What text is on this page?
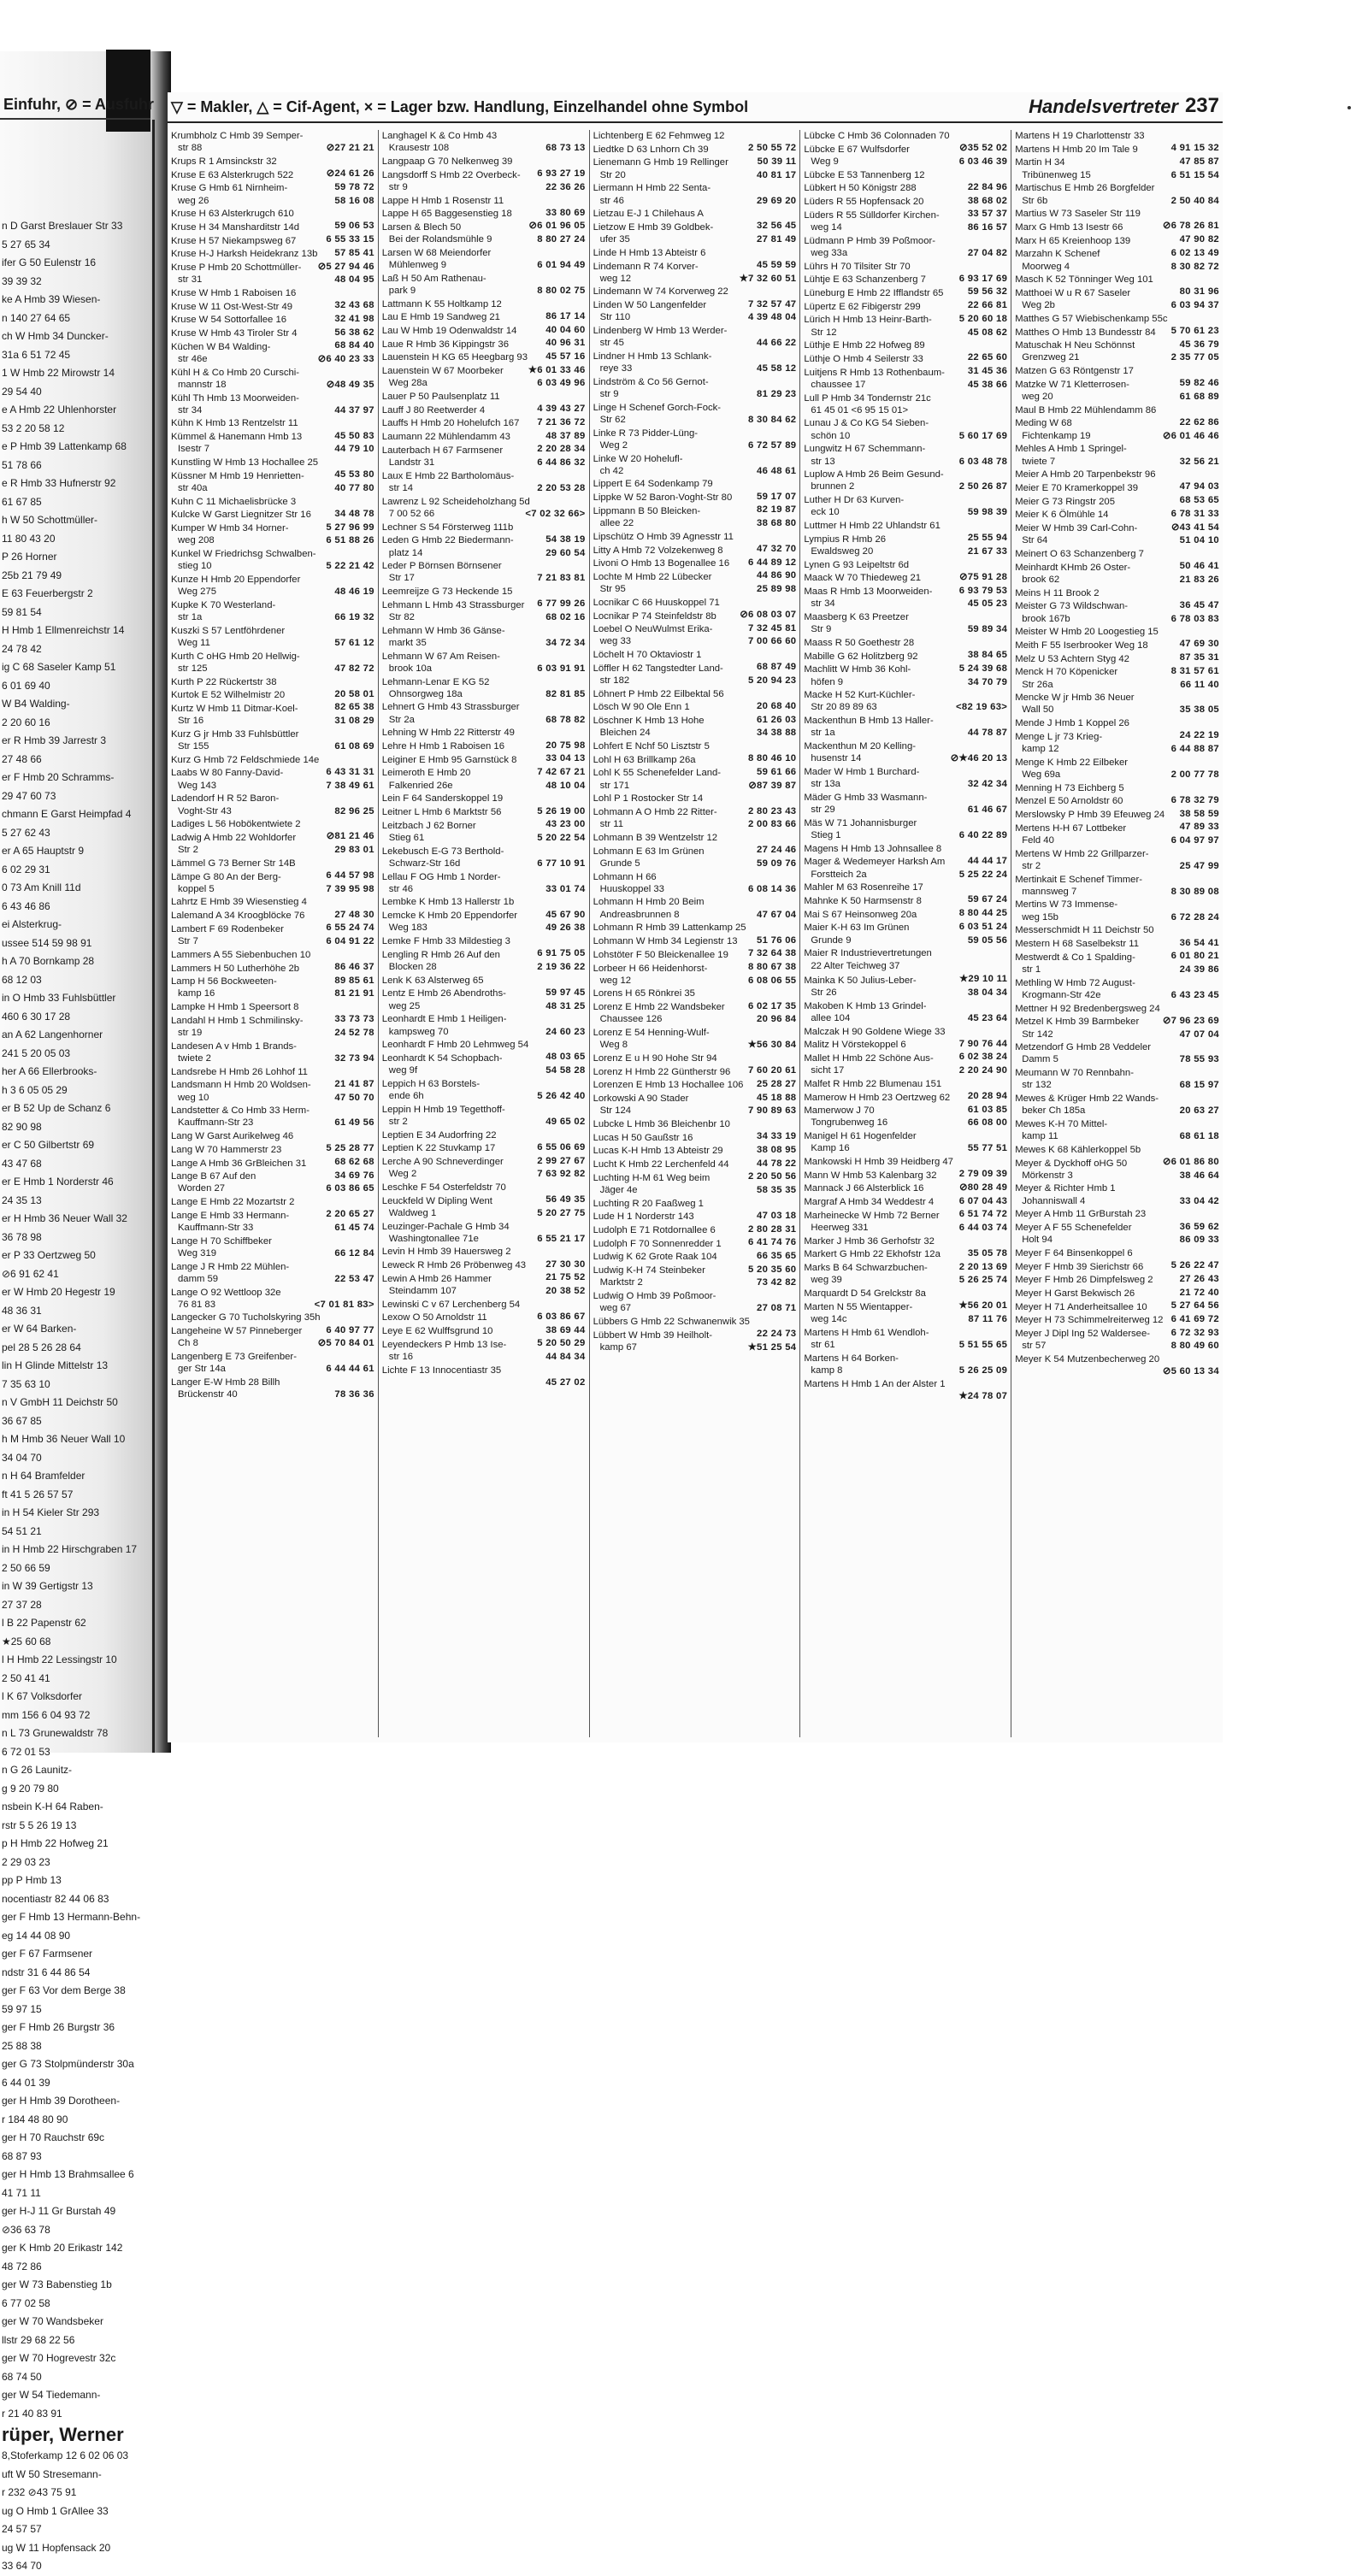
Einfuhr, ⊘ = Ausfuhr
n D Garst Breslauer Str 33
5 27 65 34
ifer G 50 Eulenstr 16
39 39 32
ke A Hmb 39 Wiesen-
n 140 27 64 65
ch W Hmb 34 Duncker-
31a 6 51 72 45
1 W Hmb 22 Mirowstr 14
29 54 40
e A Hmb 22 Uhlenhorster
53 2 20 58 12
e P Hmb 39 Lattenkamp 68
51 78 66
e R Hmb 33 Hufnerstr 92
61 67 85
h W 50 Schottmüller-
11 80 43 20
P 26 Horner
25b 21 79 49
E 63 Feuerbergstr 2
59 81 54
H Hmb 1 Ellmenreichstr 14
24 78 42
ig C 68 Saseler Kamp 51
6 01 69 40
W B4 Walding-
2 20 60 16
er R Hmb 39 Jarrestr 3
27 48 66
er F Hmb 20 Schramms-
29 47 60 73
chmann E Garst Heimpfad 4
5 27 62 43
er A 65 Hauptstr 9
6 02 29 31
0 73 Am Knill 11d
6 43 46 86
ei Alsterkrug-
ussee 514 59 98 91
h A 70 Bornkamp 28
68 12 03
in O Hmb 33 Fuhlsbüttler
460 6 30 17 28
an A 62 Langenhorner
241 5 20 05 03
her A 66 Ellerbrooks-
h 3 6 05 05 29
er B 52 Up de Schanz 6
82 90 98
er C 50 Gilbertstr 69
43 47 68
er E Hmb 1 Norderstr 46
24 35 13
er H Hmb 36 Neuer Wall 32
36 78 98
er P 33 Oertzweg 50
⊘6 91 62 41
er W Hmb 20 Hegestr 19
48 36 31
er W 64 Barken-
pel 28 5 26 28 64
lin H Glinde Mittelstr 13
7 35 63 10
n V GmbH 11 Deichstr 50
36 67 85
h M Hmb 36 Neuer Wall 10
34 04 70
n H 64 Bramfelder
ft 41 5 26 57 57
in H 54 Kieler Str 293
54 51 21
in H Hmb 22 Hirschgraben 17
2 50 66 59
in W 39 Gertigstr 13
27 37 28
l B 22 Papenstr 62
★25 60 68
l H Hmb 22 Lessingstr 10
2 50 41 41
l K 67 Volksdorfer
mm 156 6 04 93 72
n L 73 Grunewaldstr 78
6 72 01 53
n G 26 Launitz-
g 9 20 79 80
nsbein K-H 64 Raben-
rstr 5 5 26 19 13
p H Hmb 22 Hofweg 21
2 29 03 23
pp P Hmb 13
nocentiastr 82 44 06 83
ger F Hmb 13 Hermann-Behn-
eg 14 44 08 90
ger F 67 Farmsener
ndstr 31 6 44 86 54
ger F 63 Vor dem Berge 38
59 97 15
ger F Hmb 26 Burgstr 36
25 88 38
ger G 73 Stolpmünderstr 30a
6 44 01 39
ger H Hmb 39 Dorotheen-
r 184 48 80 90
ger H 70 Rauchstr 69c
68 87 93
ger H Hmb 13 Brahmsallee 6
41 71 11
ger H-J 11 Gr Burstah 49
⊘36 63 78
ger K Hmb 20 Erikastr 142
48 72 86
ger W 73 Babenstieg 1b
6 77 02 58
ger W 70 Wandsbeker
llstr 29 68 22 56
ger W 70 Hogrevestr 32c
68 74 50
ger W 54 Tiedemann-
r 21 40 83 91
rüper, Werner
8,Stoferkamp 12 6 02 06 03
uft W 50 Stresemann-
r 232 ⊘43 75 91
ug O Hmb 1 GrAllee 33
24 57 57
ug W 11 Hopfensack 20
33 64 70
▽ = Makler, △ = Cif-Agent, × = Lager bzw. Handlung, Einzelhandel ohne Symbol	Handelsvertreter 237
Krumbholz C Hmb 39 Semper-
⊘27 21 21
str 88
Krups R 1 Amsinckstr 32
⊘24 61 26
Kruse E 63 Alsterkrugch 522
59 78 72
Kruse G Hmb 61 Nirnheim-
58 16 08
weg 26
Kruse H 63 Alsterkrugch 610
59 06 53
Kruse H 34 Mansharditstr 14d
6 55 33 15
Kruse H 57 Niekampsweg 67
57 85 41
Kruse H-J Harksh Heidekranz 13b
⊘5 27 94 46
Kruse P Hmb 20 Schottmüller-
48 04 95
str 31
Kruse W Hmb 1 Raboisen 16
32 43 68
Kruse W 11 Ost-West-Str 49
32 41 98
Kruse W 54 Sottorfallee 16
56 38 62
Kruse W Hmb 43 Tiroler Str 4
68 84 40
Küchen W B4 Walding-
⊘6 40 23 33
str 46e
Kühl H & Co Hmb 20 Curschi-
⊘48 49 35
mannstr 18
Kühl Th Hmb 13 Moorweiden-
44 37 97
str 34
Kühn K Hmb 13 Rentzelstr 11
45 50 83
Kümmel & Hanemann Hmb 13
44 79 10
Isestr 7
Kunstling W Hmb 13 Hochallee 25
45 53 80
Küssner M Hmb 19 Henrietten-
40 77 80
str 40a
Kuhn C 11 Michaelisbrücke 3
34 48 78
Kulcke W Garst Liegnitzer Str 16
5 27 96 99
Kumper W Hmb 34 Horner-
6 51 88 26
weg 208
Kunkel W Friedrichsg Schwalben-
5 22 21 42
stieg 10
Kunze H Hmb 20 Eppendorfer
48 46 19
Weg 275
Kupke K 70 Westerland-
66 19 32
str 1a
Kuszki S 57 Lentföhrdener
57 61 12
Weg 11
Kurth C oHG Hmb 20 Hellwig-
47 82 72
str 125
Kurth P 22 Rückertstr 38
20 58 01
Kurtok E 52 Wilhelmistr 20
82 65 38
Kurtz W Hmb 11 Ditmar-Koel-
31 08 29
Str 16
Kurz G jr Hmb 33 Fuhlsbüttler
61 08 69
Str 155
Kurz G Hmb 72 Feldschmiede 14e
6 43 31 31
Laabs W 80 Fanny-David-
7 38 49 61
Weg 143
Ladendorf H R 52 Baron-
82 96 25
Voght-Str 43
Ladiges L 56 Hobökentwiete 2
⊘81 21 46
Ladwig A Hmb 22 Wohldorfer
29 83 01
Str 2
Lämmel G 73 Berner Str 14B
6 44 57 98
Lämpe G 80 An der Berg-
7 39 95 98
koppel 5
Lahrtz E Hmb 39 Wiesenstieg 4
27 48 30
Lalemand A 34 Kroogblöcke 76
6 55 24 74
Lambert F 69 Rodenbeker
6 04 91 22
Str 7
Lammers A 55 Siebenbuchen 10
86 46 37
Lammers H 50 Lutherhöhe 2b
89 85 61
Lamp H 56 Bockweeten-
81 21 91
kamp 16
Lampke H Hmb 1 Speersort 8
33 73 73
Landahl H Hmb 1 Schmilinsky-
24 52 78
str 19
Landesen A v Hmb 1 Brands-
32 73 94
twiete 2
Landsrebe H Hmb 26 Lohhof 11
21 41 87
Landsmann H Hmb 20 Woldsen-
47 50 70
weg 10
Landstetter & Co Hmb 33 Herm-
61 49 56
Kauffmann-Str 23
Lang W Garst Aurikelweg 46
5 25 28 77
Lang W 70 Hammerstr 23
68 62 68
Lange A Hmb 36 GrBleichen 31
34 69 76
Lange B 67 Auf den
6 03 86 65
Worden 27
Lange E Hmb 22 Mozartstr 2
2 20 65 27
Lange E Hmb 33 Hermann-
61 45 74
Kauffmann-Str 33
Lange H 70 Schiffbeker
66 12 84
Weg 319
Lange J R Hmb 22 Mühlen-
22 53 47
damm 59
Lange O 92 Wettloop 32e
<7 01 81 83>
76 81 83
Langecker G 70 Tucholskyring 35h
6 40 97 77
Langeheine W 57 Pinneberger
⊘5 70 84 01
Ch 8
Langenberg E 73 Greifenber-
6 44 44 61
ger Str 14a
Langer E-W Hmb 28 Billh
78 36 36
Brückenstr 40
Langhagel K & Co Hmb 43
68 73 13
Krausestr 108
Langpaap G 70 Nelkenweg 39
6 93 27 19
Langsdorff S Hmb 22 Overbeck-
22 36 26
str 9
Lappe H Hmb 1 Rosenstr 11
33 80 69
Lappe H 65 Baggesenstieg 18
⊘6 01 96 05
Larsen & Blech 50
8 80 27 24
Bei der Rolandsmühle 9
Larsen W 68 Meiendorfer
6 01 94 49
Mühlenweg 9
Laß H 50 Am Rathenau-
8 80 02 75
park 9
Lattmann K 55 Holtkamp 12
86 17 14
Lau E Hmb 19 Sandweg 21
40 04 60
Lau W Hmb 19 Odenwaldstr 14
40 96 31
Laue R Hmb 36 Kippingstr 36
45 57 16
Lauenstein H KG 65 Heegbarg 93
★6 01 33 46
Lauenstein W 67 Moorbeker
6 03 49 96
Weg 28a
Lauer P 50 Paulsenplatz 11
4 39 43 27
Lauff J 80 Reetwerder 4
7 21 36 72
Lauffs H Hmb 20 Hohelufch 167
48 37 89
Laumann 22 Mühlendamm 43
2 20 28 34
Lauterbach H 67 Farmsener
6 44 86 32
Landstr 31
Laux E Hmb 22 Bartholomäus-
2 20 53 28
str 14
Lawrenz L 92 Scheideholzhang 5d
<7 02 32 66>
7 00 52 66
Lechner S 54 Försterweg 111b
54 38 19
Leden G Hmb 22 Biedermann-
29 60 54
platz 14
Leder P Börnsen Börnsener
7 21 83 81
Str 17
Leemreijze G 73 Heckende 15
6 77 99 26
Lehmann L Hmb 43 Strassburger
68 02 16
Str 82
Lehmann W Hmb 36 Gänse-
34 72 34
markt 35
Lehmann W 67 Am Reisen-
6 03 91 91
brook 10a
Lehmann-Lenar E KG 52
82 81 85
Ohnsorgweg 18a
Lehnert G Hmb 43 Strassburger
68 78 82
Str 2a
Lehning W Hmb 22 Ritterstr 49
20 75 98
Lehre H Hmb 1 Raboisen 16
33 04 13
Leiginer E Hmb 95 Garnstück 8
7 42 67 21
Leimeroth E Hmb 20
48 10 04
Falkenried 26e
Lein F 64 Sanderskoppel 19
5 26 19 00
Leitner L Hmb 6 Marktstr 56
43 23 00
Leitzbach J 62 Borner
5 20 22 54
Stieg 61
Lekebusch E-G 73 Berthold-
6 77 10 91
Schwarz-Str 16d
Lellau F OG Hmb 1 Norder-
33 01 74
str 46
Lembke K Hmb 13 Hallerstr 1b
45 67 90
Lemcke K Hmb 20 Eppendorfer
49 26 38
Weg 183
Lemke F Hmb 33 Mildestieg 3
6 91 75 05
Lengling R Hmb 26 Auf den
2 19 36 22
Blocken 28
Lenk K 63 Alsterweg 65
59 97 45
Lentz E Hmb 26 Abendroths-
48 31 25
weg 25
Leonhardt E Hmb 1 Heiligen-
24 60 23
kampsweg 70
Leonhardt F Hmb 20 Lehmweg 54
48 03 65
Leonhardt K 54 Schopbach-
54 58 28
weg 9f
Leppich H 63 Borstels-
5 26 42 40
ende 6h
Leppin H Hmb 19 Tegetthoff-
49 65 02
str 2
Leptien E 34 Audorfring 22
6 55 06 69
Leptien K 22 Stuvkamp 17
2 99 27 67
Lerche A 90 Schneverdinger
7 63 92 82
Weg 2
Leschke F 54 Osterfeldstr 70
56 49 35
Leuckfeld W Dipling Went
5 20 27 75
Waldweg 1
Leuzinger-Pachale G Hmb 34
6 55 21 17
Washingtonallee 71e
Levin H Hmb 39 Hauersweg 2
27 30 30
Leweck R Hmb 26 Pröbenweg 43
21 75 52
Lewin A Hmb 26 Hammer
20 38 52
Steindamm 107
Lewinski C v 67 Lerchenberg 54
6 03 86 67
Lexow O 50 Arnoldstr 11
38 69 44
Leye E 62 Wulffsgrund 10
5 20 50 29
Leyendeckers P Hmb 13 Ise-
44 84 34
str 16
Lichte F 13 Innocentiastr 35
45 27 02
Lichtenberg E 62 Fehmweg 12
2 50 55 72
Liedtke D 63 Lnhorn Ch 39
50 39 11
Lienemann G Hmb 19 Rellinger
40 81 17
Str 20
Liermann H Hmb 22 Senta-
29 69 20
str 46
Lietzau E-J 1 Chilehaus A
32 56 45
Lietzow E Hmb 39 Goldbek-
27 81 49
ufer 35
Linde H Hmb 13 Abteistr 6
45 59 59
Lindemann R 74 Korver-
★7 32 60 51
weg 12
Lindemann W 74 Korverweg 22
7 32 57 47
Linden W 50 Langenfelder
4 39 48 04
Str 110
Lindenberg W Hmb 13 Werder-
44 66 22
str 45
Lindner H Hmb 13 Schlank-
45 58 12
reye 33
Lindström & Co 56 Gernot-
81 29 23
str 9
Linge H Schenef Gorch-Fock-
8 30 84 62
Str 62
Linke R 73 Pidder-Lüng-
6 72 57 89
Weg 2
Linke W 20 Hohelufl-
46 48 61
ch 42
Lippert E 64 Sodenkamp 79
59 17 07
Lippke W 52 Baron-Voght-Str 80
82 19 87
Lippmann B 50 Bleicken-
38 68 80
allee 22
Lipschütz O Hmb 39 Agnesstr 11
47 32 70
Litty A Hmb 72 Volzekenweg 8
6 44 89 12
Livoni O Hmb 13 Bogenallee 16
44 86 90
Lochte M Hmb 22 Lübecker
25 89 98
Str 95
Locnikar C 66 Huuskoppel 71
⊘6 08 03 07
Locnikar P 74 Steinfeldstr 8b
7 32 45 81
Loebel O NeuWulmst Erika-
7 00 66 60
weg 33
Löchelt H 70 Oktaviostr 1
68 87 49
Löffler H 62 Tangstedter Land-
5 20 94 23
str 182
Löhnert P Hmb 22 Eilbektal 56
20 68 40
Lösch W 90 Ole Enn 1
61 26 03
Löschner K Hmb 13 Hohe
34 38 88
Bleichen 24
Lohfert E Nchf 50 Lisztstr 5
8 80 46 10
Lohl H 63 Brillkamp 26a
59 61 66
Lohl K 55 Schenefelder Land-
⊘87 39 87
str 171
Lohl P 1 Rostocker Str 14
2 80 23 43
Lohmann A O Hmb 22 Ritter-
2 00 83 66
str 11
Lohmann B 39 Wentzelstr 12
27 24 46
Lohmann E 63 Im Grünen
59 09 76
Grunde 5
Lohmann H 66
6 08 14 36
Huuskoppel 33
Lohmann H Hmb 20 Beim
47 67 04
Andreasbrunnen 8
Lohmann R Hmb 39 Lattenkamp 25
51 76 06
Lohmann W Hmb 34 Legienstr 13
7 32 64 38
Lohstöter F 50 Bleickenallee 19
8 80 67 38
Lorbeer H 66 Heidenhorst-
6 08 06 55
weg 12
Lorens H 65 Rönkrei 35
6 02 17 35
Lorenz E Hmb 22 Wandsbeker
20 96 84
Chaussee 126
Lorenz E 54 Henning-Wulf-
★56 30 84
Weg 8
Lorenz E u H 90 Hohe Str 94
7 60 20 61
Lorenz H Hmb 22 Güntherstr 96
25 28 27
Lorenzen E Hmb 13 Hochallee 106
45 18 88
Lorkowski A 90 Stader
7 90 89 63
Str 124
Lubcke L Hmb 36 Bleichenbr 10
34 33 19
Lucas H 50 Gaußstr 16
38 08 95
Lucas K-H Hmb 13 Abteistr 29
44 78 22
Lucht K Hmb 22 Lerchenfeld 44
2 20 50 56
Luchting H-M 61 Weg beim
58 35 35
Jäger 4e
Luchting R 20 Faaßweg 1
47 03 18
Lude H 1 Norderstr 143
2 80 28 31
Ludolph E 71 Rotdornallee 6
6 41 74 76
Ludolph F 70 Sonnenredder 1
66 35 65
Ludwig K 62 Grote Raak 104
5 20 35 60
Ludwig K-H 74 Steinbeker
73 42 82
Marktstr 2
Ludwig O Hmb 39 Poßmoor-
27 08 71
weg 67
Lübbers G Hmb 22 Schwanenwik 35
22 24 73
Lübbert W Hmb 39 Heilholt-
★51 25 54
kamp 67
Lübcke C Hmb 36 Colonnaden 70
⊘35 52 02
Lübcke E 67 Wulfsdorfer
6 03 46 39
Weg 9
Lübcke E 53 Tannenberg 12
22 84 96
Lübkert H 50 Königstr 288
38 68 02
Lüders R 55 Hopfensack 20
33 57 37
Lüders R 55 Sülldorfer Kirchen-
86 16 57
weg 14
Lüdmann P Hmb 39 Poßmoor-
27 04 82
weg 33a
Lührs H 70 Tilsiter Str 70
6 93 17 69
Lühtje E 63 Schanzenberg 7
59 56 32
Lüneburg E Hmb 22 Ifflandstr 65
22 66 81
Lüpertz E 62 Fibigerstr 299
5 20 60 18
Lürich H Hmb 13 Heinr-Barth-
45 08 62
Str 12
Lüthje E Hmb 22 Hofweg 89
22 65 60
Lüthje O Hmb 4 Seilerstr 33
31 45 36
Luitjens R Hmb 13 Rothenbaum-
45 38 66
chaussee 17
Lull P Hmb 34 Tondernstr 21c
61 45 01 <6 95 15 01>
Lunau J & Co KG 54 Sieben-
5 60 17 69
schön 10
Lungwitz H 67 Schemmann-
6 03 48 78
str 13
Luplow A Hmb 26 Beim Gesund-
2 50 26 87
brunnen 2
Luther H Dr 63 Kurven-
59 98 39
eck 10
Luttmer H Hmb 22 Uhlandstr 61
25 55 94
Lympius R Hmb 26
21 67 33
Ewaldsweg 20
Lynen G 93 Leipeltstr 6d
⊘75 91 28
Maack W 70 Thiedeweg 21
6 93 79 53
Maas R Hmb 13 Moorweiden-
45 05 23
str 34
Maasberg K 63 Preetzer
59 89 34
Str 9
Maass R 50 Goethestr 28
38 84 65
Mabille G 62 Holitzberg 92
5 24 39 68
Machlitt W Hmb 36 Kohl-
34 70 79
höfen 9
Macke H 52 Kurt-Küchler-
<82 19 63>
Str 20 89 89 63
Mackenthun B Hmb 13 Haller-
44 78 87
str 1a
Mackenthun M 20 Kelling-
⊘★46 20 13
husenstr 14
Mader W Hmb 1 Burchard-
32 42 34
str 13a
Mäder G Hmb 33 Wasmann-
61 46 67
str 29
Mäs W 71 Johannisburger
6 40 22 89
Stieg 1
Magens H Hmb 13 Johnsallee 8
44 44 17
Mager & Wedemeyer Harksh Am
5 25 22 24
Forstteich 2a
Mahler M 63 Rosenreihe 17
59 67 24
Mahnke K 50 Harmsenstr 8
8 80 44 25
Mai S 67 Heinsonweg 20a
6 03 51 24
Maier K-H 63 Im Grünen
59 05 56
Grunde 9
Maier R Industrievertretungen
22 Alter Teichweg 37
★29 10 11
Mainka K 50 Julius-Leber-
38 04 34
Str 26
Makoben K Hmb 13 Grindel-
45 23 64
allee 104
Malczak H 90 Goldene Wiege 33
7 90 76 44
Malitz H Vörstekoppel 6
6 02 38 24
Mallet H Hmb 22 Schöne Aus-
2 20 24 90
sicht 17
Malfet R Hmb 22 Blumenau 151
20 28 94
Mamerow H Hmb 23 Oertzweg 62
61 03 85
Mamerwow J 70
66 08 00
Tongrubenweg 16
Manigel H 61 Hogenfelder
55 77 51
Kamp 16
Mankowski H Hmb 39 Heidberg 47
2 79 09 39
Mann W Hmb 53 Kalenbarg 32
⊘80 28 49
Mannack J 66 Alsterblick 16
6 07 04 43
Margraf A Hmb 34 Weddestr 4
6 51 74 72
Marheinecke W Hmb 72 Berner
6 44 03 74
Heerweg 331
Marker J Hmb 36 Gerhofstr 32
35 05 78
Markert G Hmb 22 Ekhofstr 12a
2 20 13 69
Marks B 64 Schwarzbuchen-
5 26 25 74
weg 39
Marquardt D 54 Grelckstr 8a
★56 20 01
Marten N 55 Wientapper-
87 11 76
weg 14c
Martens H Hmb 61 Wendloh-
5 51 55 65
str 61
Martens H 64 Borken-
5 26 25 09
kamp 8
Martens H Hmb 1 An der Alster 1
★24 78 07
Martens H 19 Charlottenstr 33
4 91 15 32
Martens H Hmb 20 Im Tale 9
47 85 87
Martin H 34
6 51 15 54
Tribünenweg 15
Martischus E Hmb 26 Borgfelder
2 50 40 84
Str 6b
Martius W 73 Saseler Str 119
⊘6 78 26 81
Marx G Hmb 13 Isestr 66
47 90 82
Marx H 65 Kreienhoop 139
6 02 13 49
Marzahn K Schenef
8 30 82 72
Moorweg 4
Masch K 52 Tönninger Weg 101
80 31 96
Matthoei W u R 67 Saseler
6 03 94 37
Weg 2b
Matthes G 57 Wiebischenkamp 55c
5 70 61 23
Matthes O Hmb 13 Bundesstr 84
45 36 79
Matuschak H Neu Schönnst
2 35 77 05
Grenzweg 21
Matzen G 63 Röntgenstr 17
59 82 46
Matzke W 71 Kletterrosen-
61 68 89
weg 20
Maul B Hmb 22 Mühlendamm 86
22 62 86
Meding W 68
⊘6 01 46 46
Fichtenkamp 19
Mehles A Hmb 1 Springel-
32 56 21
twiete 7
Meier A Hmb 20 Tarpenbekstr 96
47 94 03
Meier E 70 Kramerkoppel 39
68 53 65
Meier G 73 Ringstr 205
6 78 31 33
Meier K 6 Ölmühle 14
⊘43 41 54
Meier W Hmb 39 Carl-Cohn-
51 04 10
Str 64
Meinert O 63 Schanzenberg 7
50 46 41
Meinhardt KHmb 26 Oster-
21 83 26
brook 62
Meins H 11 Brook 2
36 45 47
Meister G 73 Wildschwan-
6 78 03 83
brook 167b
Meister W Hmb 20 Loogestieg 15
47 69 30
Meith F 55 Iserbrooker Weg 18
87 35 31
Melz U 53 Achtern Styg 42
8 31 57 61
Menck H 70 Köpenicker
66 11 40
Str 26a
Mencke W jr Hmb 36 Neuer
35 38 05
Wall 50
Mende J Hmb 1 Koppel 26
24 22 19
Menge L jr 73 Krieg-
6 44 88 87
kamp 12
Menge K Hmb 22 Eilbeker
2 00 77 78
Weg 69a
Menning H 73 Eichberg 5
6 78 32 79
Menzel E 50 Arnoldstr 60
38 58 59
Merslowsky P Hmb 39 Efeuweg 24
47 89 33
Mertens H-H 67 Lottbeker
6 04 97 97
Feld 40
Mertens W Hmb 22 Grillparzer-
25 47 99
str 2
Mertinkait E Schenef Timmer-
8 30 89 08
mannsweg 7
Mertins W 73 Immense-
6 72 28 24
weg 15b
Messerschmidt H 11 Deichstr 50
36 54 41
Mestern H 68 Saselbekstr 11
6 01 80 21
Mestwerdt & Co 1 Spalding-
24 39 86
str 1
Methling W Hmb 72 August-
6 43 23 45
Krogmann-Str 42e
Mettner H 92 Bredenbergsweg 24
⊘7 96 23 69
Metzel K Hmb 39 Barmbeker
47 07 04
Str 142
Metzendorf G Hmb 28 Veddeler
78 55 93
Damm 5
Meumann W 70 Rennbahn-
68 15 97
str 132
Mewes & Krüger Hmb 22 Wands-
20 63 27
beker Ch 185a
Mewes K-H 70 Mittel-
68 61 18
kamp 11
Mewes K 68 Kählerkoppel 5b
⊘6 01 86 80
Meyer & Dyckhoff oHG 50
38 46 64
Mörkenstr 3
Meyer & Richter Hmb 1
33 04 42
Johanniswall 4
Meyer A Hmb 11 GrBurstah 23
36 59 62
Meyer A F 55 Schenefelder
86 09 33
Holt 94
Meyer F 64 Binsenkoppel 6
5 26 22 47
Meyer F Hmb 39 Sierichstr 66
27 26 43
Meyer F Hmb 26 Dimpfelsweg 2
21 72 40
Meyer H Garst Bekwisch 26
5 27 64 56
Meyer H 71 Anderheitsallee 10
6 41 69 72
Meyer H 73 Schimmelreiterweg 12
6 72 32 93
Meyer J Dipl Ing 52 Waldersee-
8 80 49 60
str 57
Meyer K 54 Mutzenbecherweg 20
⊘5 60 13 34
